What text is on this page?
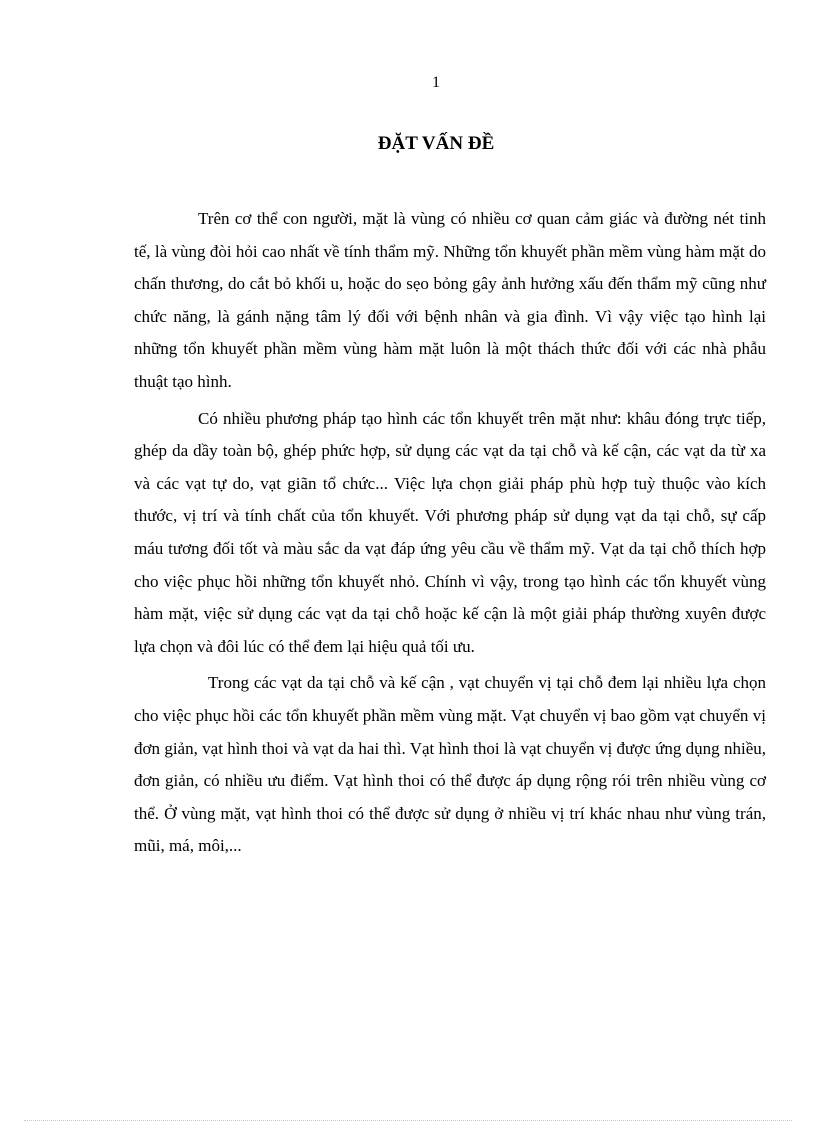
1
ĐẶT VẤN ĐỀ

Trên cơ thể con người, mặt là vùng có nhiều cơ quan cảm giác và đường nét tinh tế, là vùng đòi hỏi cao nhất về tính thẩm mỹ. Những tổn khuyết phần mềm vùng hàm mặt do chấn thương, do cắt bỏ khối u, hoặc do sẹo bỏng gây ảnh hưởng xấu đến thẩm mỹ cũng như chức năng, là gánh nặng tâm lý đối với bệnh nhân và gia đình. Vì vậy việc tạo hình lại những tổn khuyết phần mềm vùng hàm mặt luôn là một thách thức đối với các nhà phẫu thuật tạo hình.

Có nhiều phương pháp tạo hình các tổn khuyết trên mặt như: khâu đóng trực tiếp, ghép da dầy toàn bộ, ghép phức hợp, sử dụng các vạt da tại chỗ và kế cận, các vạt da từ xa và các vạt tự do, vạt giãn tổ chức... Việc lựa chọn giải pháp phù hợp tuỳ thuộc vào kích thước, vị trí và tính chất của tổn khuyết. Với phương pháp sử dụng vạt da tại chỗ, sự cấp máu tương đối tốt và màu sắc da vạt đáp ứng yêu cầu về thẩm mỹ. Vạt da tại chỗ thích hợp cho việc phục hồi những tổn khuyết nhỏ. Chính vì vậy, trong tạo hình các tổn khuyết vùng hàm mặt, việc sử dụng các vạt da tại chỗ hoặc kế cận là một giải pháp thường xuyên được lựa chọn và đôi lúc có thể đem lại hiệu quả tối ưu.

Trong các vạt da tại chỗ và kế cận , vạt chuyển vị tại chỗ đem lại nhiều lựa chọn cho việc phục hồi các tổn khuyết phần mềm vùng mặt. Vạt chuyển vị bao gồm vạt chuyển vị đơn giản, vạt hình thoi và vạt da hai thì. Vạt hình thoi là vạt chuyển vị được ứng dụng nhiều, đơn giản, có nhiều ưu điểm. Vạt hình thoi có thể được áp dụng rộng rói trên nhiều vùng cơ thể. Ở vùng mặt, vạt hình thoi có thể được sử dụng ở nhiều vị trí khác nhau như vùng trán, mũi, má, môi,...
